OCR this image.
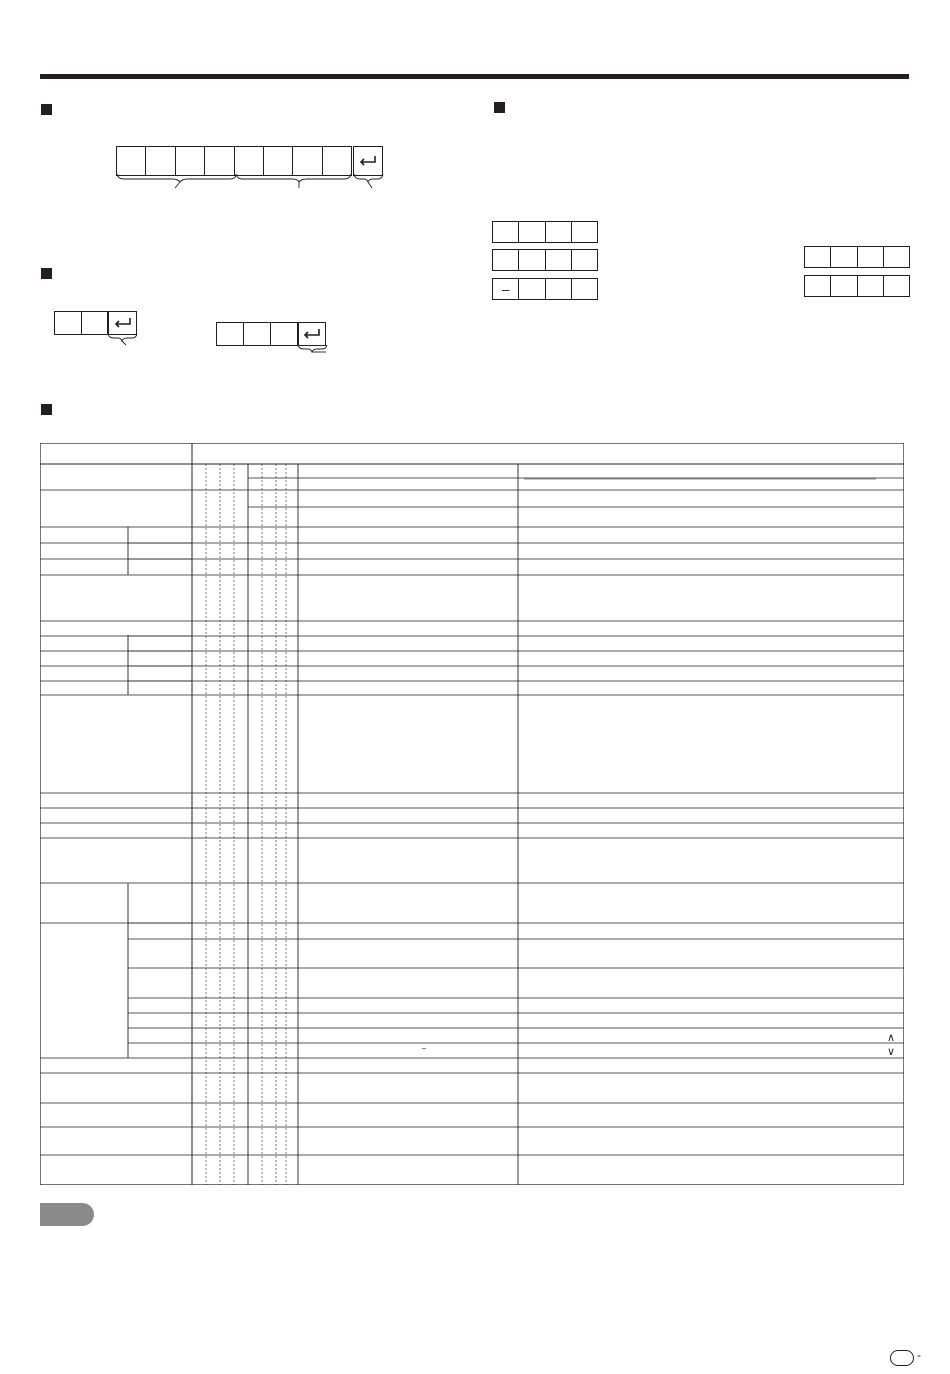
–
∧
∨
–
-
